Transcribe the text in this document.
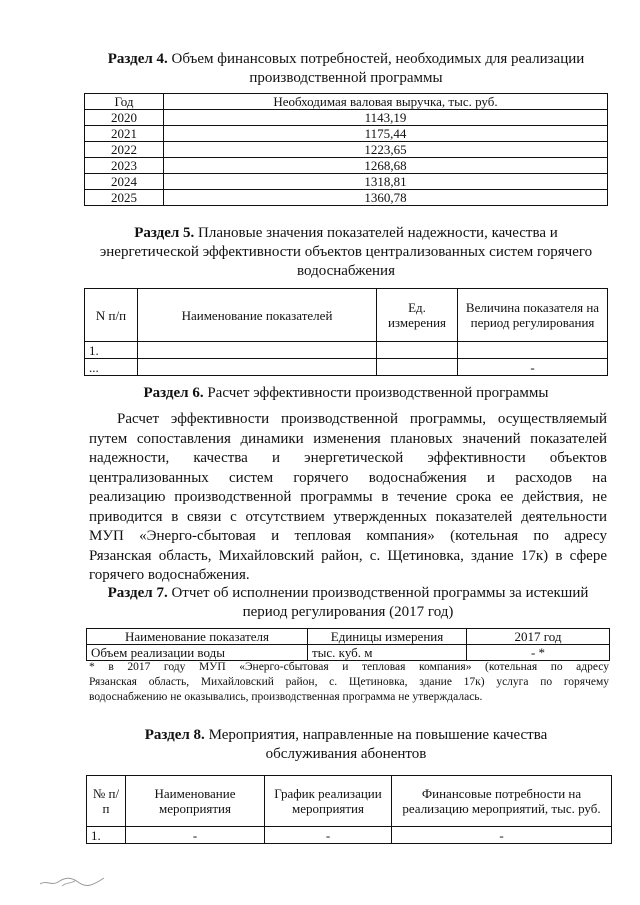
Раздел 4. Объем финансовых потребностей, необходимых для реализации
производственной программы
Год	Необходимая валовая выручка, тыс. руб.
2020	1143,19
2021	1175,44
2022	1223,65
2023	1268,68
2024	1318,81
2025	1360,78
Раздел 5. Плановые значения показателей надежности, качества и
энергетической эффективности объектов централизованных систем горячего
водоснабжения
N п/п	Наименование показателей	Ед. измерения	Величина показателя на период регулирования
1.			
...			-
Раздел 6. Расчет эффективности производственной программы
Расчет эффективности производственной программы, осуществляемый
путем сопоставления динамики изменения плановых значений показателей
надежности, качества и энергетической эффективности объектов
централизованных систем горячего водоснабжения и расходов на
реализацию производственной программы в течение срока ее действия, не
приводится в связи с отсутствием утвержденных показателей деятельности
МУП «Энерго-сбытовая и тепловая компания» (котельная по адресу
Рязанская область, Михайловский район, с. Щетиновка, здание 17к) в сфере
горячего водоснабжения.
Раздел 7. Отчет об исполнении производственной программы за истекший
период регулирования (2017 год)
Наименование показателя	Единицы измерения	2017 год
Объем реализации воды	тыс. куб. м	- *
* в 2017 году МУП «Энерго-сбытовая и тепловая компания» (котельная по адресу
Рязанская область, Михайловский район, с. Щетиновка, здание 17к) услуга по горячему
водоснабжению не оказывались, производственная программа не утверждалась.
Раздел 8. Мероприятия, направленные на повышение качества
обслуживания абонентов
№ п/п	Наименование мероприятия	График реализации мероприятия	Финансовые потребности на реализацию мероприятий, тыс. руб.
1.	-	-	-
